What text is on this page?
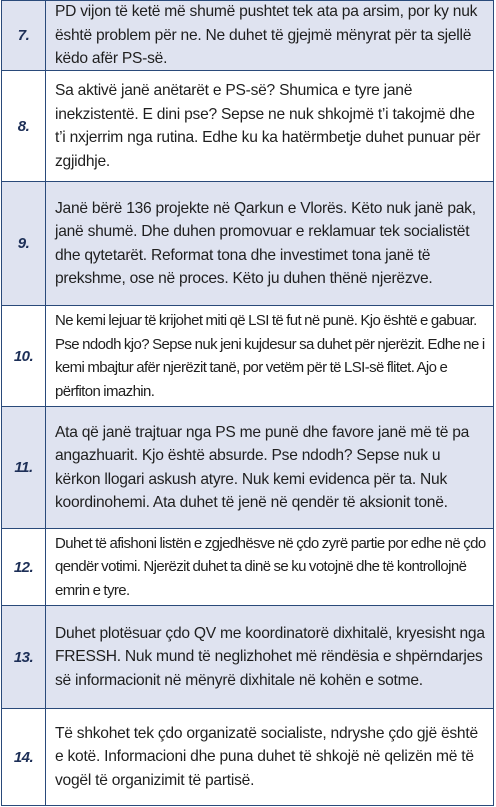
7.
PD vijon të ketë më shumë pushtet tek ata pa arsim, por ky nuk është problem për ne. Ne duhet të gjejmë mënyrat për ta sjellë këdo afër PS-së.
8.
Sa aktivë janë anëtarët e PS-së? Shumica e tyre janë inekzistentë. E dini pse? Sepse ne nuk shkojmë t’i takojmë dhe t’i nxjerrim nga rutina. Edhe ku ka hatërmbetje duhet punuar për zgjidhje.
9.
Janë bërë 136 projekte në Qarkun e Vlorës. Këto nuk janë pak, janë shumë. Dhe duhen promovuar e reklamuar tek socialistët dhe qytetarët. Reformat tona dhe investimet tona janë të prekshme, ose në proces. Këto ju duhen thënë njerëzve.
10.
Ne kemi lejuar të krijohet miti që LSI të fut në punë. Kjo është e gabuar. Pse ndodh kjo? Sepse nuk jeni kujdesur sa duhet për njerëzit. Edhe ne i kemi mbajtur afër njerëzit tanë, por vetëm për të LSI-së flitet. Ajo e përfiton imazhin.
11.
Ata që janë trajtuar nga PS me punë dhe favore janë më të pa angazhuarit. Kjo është absurde. Pse ndodh? Sepse nuk u kërkon llogari askush atyre. Nuk kemi evidenca për ta. Nuk koordinohemi. Ata duhet të jenë në qendër të aksionit tonë.
12.
Duhet të afishoni listën e zgjedhësve në çdo zyrë partie por edhe në çdo qendër votimi. Njerëzit duhet ta dinë se ku votojnë dhe të kontrollojnë emrin e tyre.
13.
Duhet plotësuar çdo QV me koordinatorë dixhitalë, kryesisht nga FRESSH. Nuk mund të neglizhohet më rëndësia e shpërndarjes së informacionit në mënyrë dixhitale në kohën e sotme.
14.
Të shkohet tek çdo organizatë socialiste, ndryshe çdo gjë është e kotë. Informacioni dhe puna duhet të shkojë në qelizën më të vogël të organizimit të partisë.
